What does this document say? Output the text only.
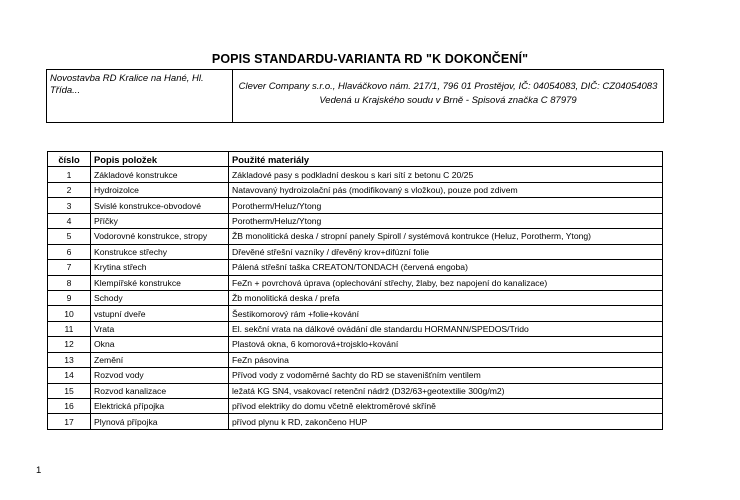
POPIS STANDARDU-VARIANTA RD "K DOKONČENÍ"
Novostavba RD Kralice na Hané, Hl.
Třída...	Clever Company s.r.o., Hlaváčkovo nám. 217/1, 796 01 Prostějov, IČ: 04054083, DIČ: CZ04054083
Vedená u Krajského soudu v Brně - Spisová značka C 87979
číslo	Popis položek	Použité materiály
1	Základové konstrukce	Základové pasy s podkladní deskou s kari sítí z betonu C 20/25
2	Hydroizolce	Natavovaný hydroizolační pás (modifikovaný s vložkou), pouze pod zdivem
3	Svislé konstrukce-obvodové	Porotherm/Heluz/Ytong
4	Příčky	Porotherm/Heluz/Ytong
5	Vodorovné konstrukce, stropy	ŽB monolitická deska / stropní panely Spiroll / systémová kontrukce (Heluz, Porotherm, Ytong)
6	Konstrukce střechy	Dřevěné střešní vazníky / dřevěný krov+difúzní folie
7	Krytina střech	Pálená střešní taška CREATON/TONDACH (červená engoba)
8	Klempířské konstrukce	FeZn + povrchová úprava (oplechování střechy, žlaby, bez napojení do kanalizace)
9	Schody	Žb monolitická deska / prefa
10	vstupní dveře	Šestikomorový rám +folie+kování
11	Vrata	El. sekční vrata na dálkové ovádání dle standardu HORMANN/SPEDOS/Trido
12	Okna	Plastová okna, 6 komorová+trojsklo+kování
13	Zemění	FeZn pásovina
14	Rozvod vody	Přívod vody z vodoměrné šachty do RD se stavenišťním ventilem
15	Rozvod kanalizace	ležatá KG SN4, vsakovací retenční nádrž (D32/63+geotextilie 300g/m2)
16	Elektrická přípojka	přívod elektriky do domu včetně elektroměrové skříně
17	Plynová přípojka	přívod plynu k RD, zakončeno HUP
1
